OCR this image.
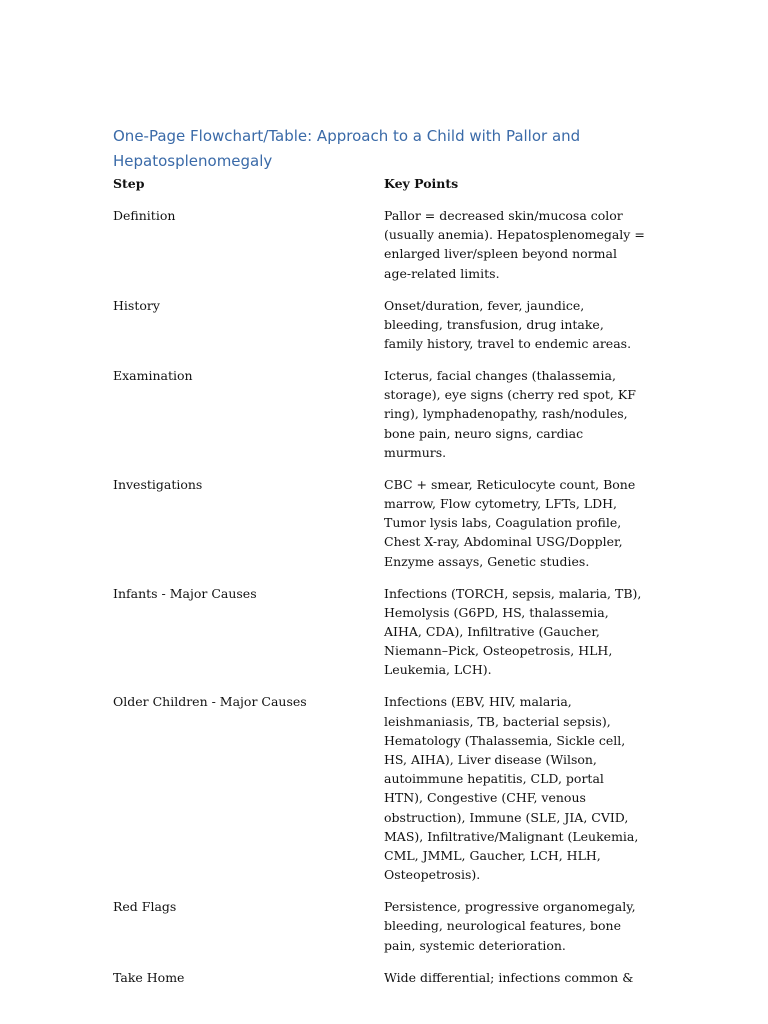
One-Page Flowchart/Table: Approach to a Child with Pallor and Hepatosplenomegaly
Step	Key Points
Definition	Pallor = decreased skin/mucosa color (usually anemia). Hepatosplenomegaly = enlarged liver/spleen beyond normal age-related limits.
History	Onset/duration, fever, jaundice, bleeding, transfusion, drug intake, family history, travel to endemic areas.
Examination	Icterus, facial changes (thalassemia, storage), eye signs (cherry red spot, KF ring), lymphadenopathy, rash/nodules, bone pain, neuro signs, cardiac murmurs.
Investigations	CBC + smear, Reticulocyte count, Bone marrow, Flow cytometry, LFTs, LDH, Tumor lysis labs, Coagulation profile, Chest X-ray, Abdominal USG/Doppler, Enzyme assays, Genetic studies.
Infants - Major Causes	Infections (TORCH, sepsis, malaria, TB), Hemolysis (G6PD, HS, thalassemia, AIHA, CDA), Infiltrative (Gaucher, Niemann–Pick, Osteopetrosis, HLH, Leukemia, LCH).
Older Children - Major Causes	Infections (EBV, HIV, malaria, leishmaniasis, TB, bacterial sepsis), Hematology (Thalassemia, Sickle cell, HS, AIHA), Liver disease (Wilson, autoimmune hepatitis, CLD, portal HTN), Congestive (CHF, venous obstruction), Immune (SLE, JIA, CVID, MAS), Infiltrative/Malignant (Leukemia, CML, JMML, Gaucher, LCH, HLH, Osteopetrosis).
Red Flags	Persistence, progressive organomegaly, bleeding, neurological features, bone pain, systemic deterioration.
Take Home	Wide differential; infections common &
